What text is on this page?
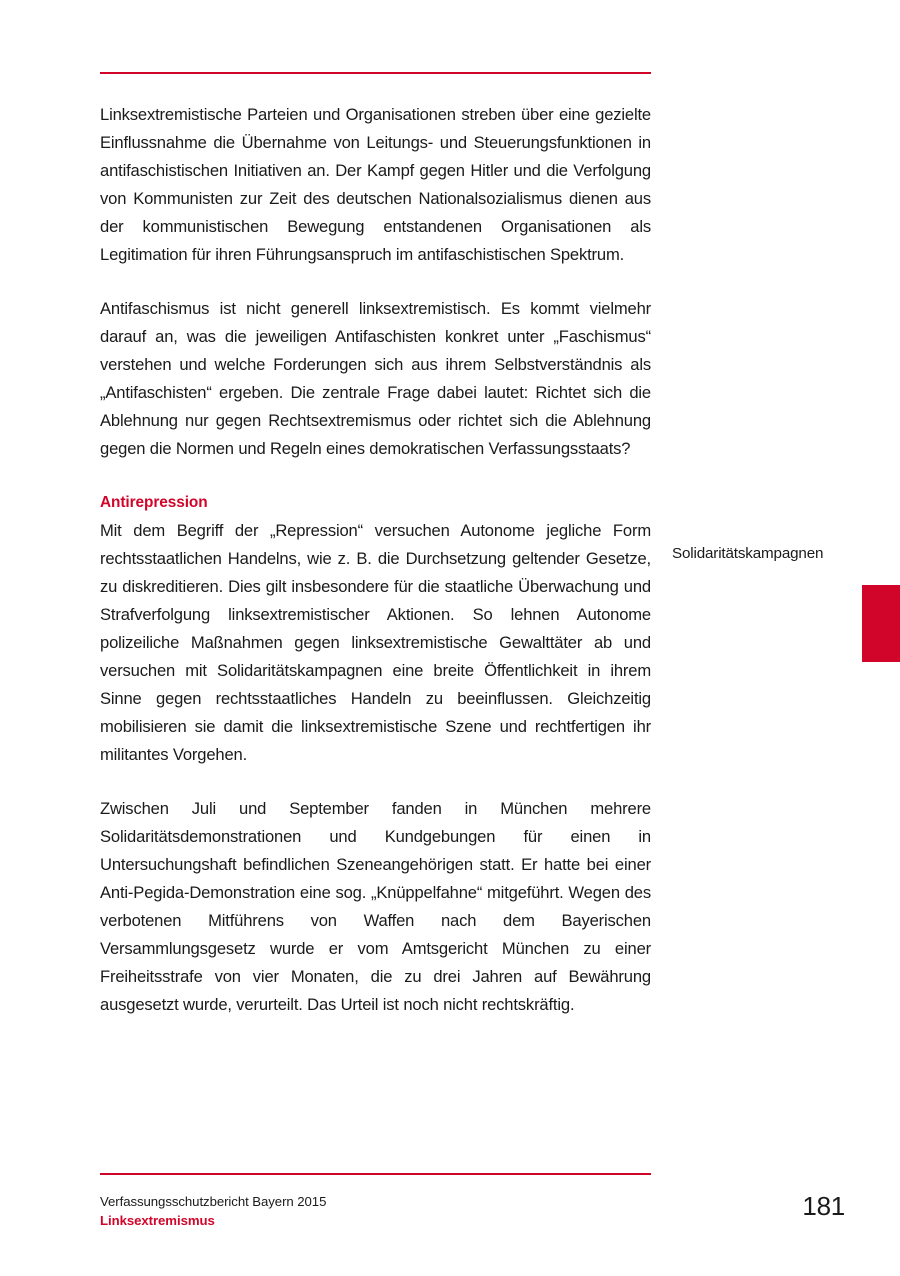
Linksextremistische Parteien und Organisationen streben über eine gezielte Einflussnahme die Übernahme von Leitungs- und Steuerungsfunktionen in antifaschistischen Initiativen an. Der Kampf gegen Hitler und die Verfolgung von Kommunisten zur Zeit des deutschen Nationalsozialismus dienen aus der kommunistischen Bewegung entstandenen Organisationen als Legitimation für ihren Führungsanspruch im antifaschistischen Spektrum.

Antifaschismus ist nicht generell linksextremistisch. Es kommt vielmehr darauf an, was die jeweiligen Antifaschisten konkret unter „Faschismus“ verstehen und welche Forderungen sich aus ihrem Selbstverständnis als „Antifaschisten“ ergeben. Die zentrale Frage dabei lautet: Richtet sich die Ablehnung nur gegen Rechtsextremismus oder richtet sich die Ablehnung gegen die Normen und Regeln eines demokratischen Verfassungsstaats?

Antirepression

Mit dem Begriff der „Repression“ versuchen Autonome jegliche Form rechtsstaatlichen Handelns, wie z. B. die Durchsetzung geltender Gesetze, zu diskreditieren. Dies gilt insbesondere für die staatliche Überwachung und Strafverfolgung linksextremistischer Aktionen. So lehnen Autonome polizeiliche Maßnahmen gegen linksextremistische Gewalttäter ab und versuchen mit Solidaritätskampagnen eine breite Öffentlichkeit in ihrem Sinne gegen rechtsstaatliches Handeln zu beeinflussen. Gleichzeitig mobilisieren sie damit die linksextremistische Szene und rechtfertigen ihr militantes Vorgehen.

Zwischen Juli und September fanden in München mehrere Solidaritätsdemonstrationen und Kundgebungen für einen in Untersuchungshaft befindlichen Szeneangehörigen statt. Er hatte bei einer Anti-Pegida-Demonstration eine sog. „Knüppelfahne“ mitgeführt. Wegen des verbotenen Mitführens von Waffen nach dem Bayerischen Versammlungsgesetz wurde er vom Amtsgericht München zu einer Freiheitsstrafe von vier Monaten, die zu drei Jahren auf Bewährung ausgesetzt wurde, verurteilt. Das Urteil ist noch nicht rechtskräftig.

Solidaritätskampagnen
Verfassungsschutzbericht Bayern 2015
Linksextremismus	181
